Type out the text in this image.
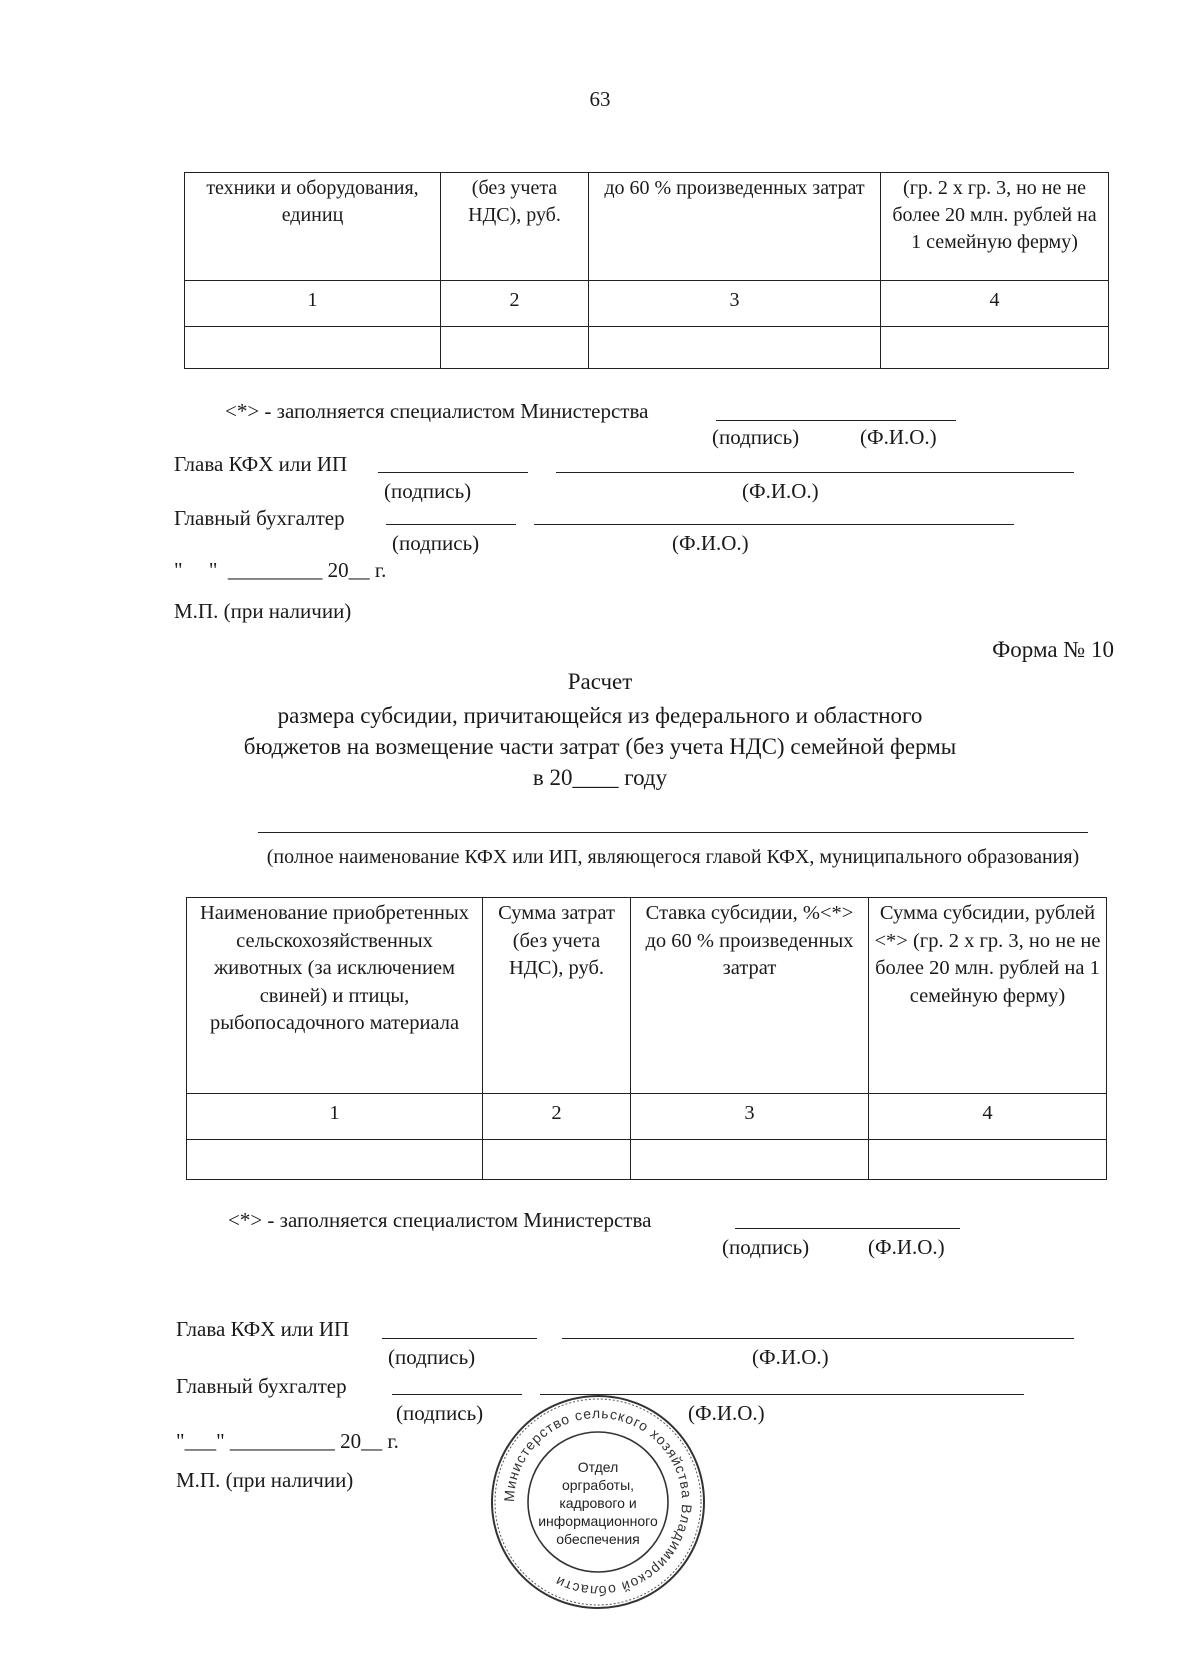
63
техники и оборудования, единиц	(без учета НДС), руб.	до 60 % произведенных затрат	(гр. 2 х гр. 3, но не не более 20 млн. рублей на 1 семейную ферму)
1	2	3	4

<*> - заполняется специалистом Министерства
(подпись)	(Ф.И.О.)
Глава КФХ или ИП
(подпись)	(Ф.И.О.)
Главный бухгалтер
(подпись)	(Ф.И.О.)
"     "  _________ 20__ г.
М.П. (при наличии)
Форма № 10
Расчет
размера субсидии, причитающейся из федерального и областного
бюджетов на возмещение части затрат (без учета НДС) семейной фермы
в 20____ году
(полное наименование КФХ или ИП, являющегося главой КФХ, муниципального образования)
Наименование приобретенных сельскохозяйственных животных (за исключением свиней) и птицы, рыбопосадочного материала	Сумма затрат (без учета НДС), руб.	Ставка субсидии, %<*> до 60 % произведенных затрат	Сумма субсидии, рублей <*> (гр. 2 х гр. 3, но не не более 20 млн. рублей на 1 семейную ферму)
1	2	3	4

<*> - заполняется специалистом Министерства
(подпись)	(Ф.И.О.)
Глава КФХ или ИП
(подпись)	(Ф.И.О.)
Главный бухгалтер
(подпись)	(Ф.И.О.)
"___" __________ 20__ г.
М.П. (при наличии)
Министерство сельского хозяйства Владимирской области
Отдел
оргработы,
кадрового и
информационного
обеспечения
